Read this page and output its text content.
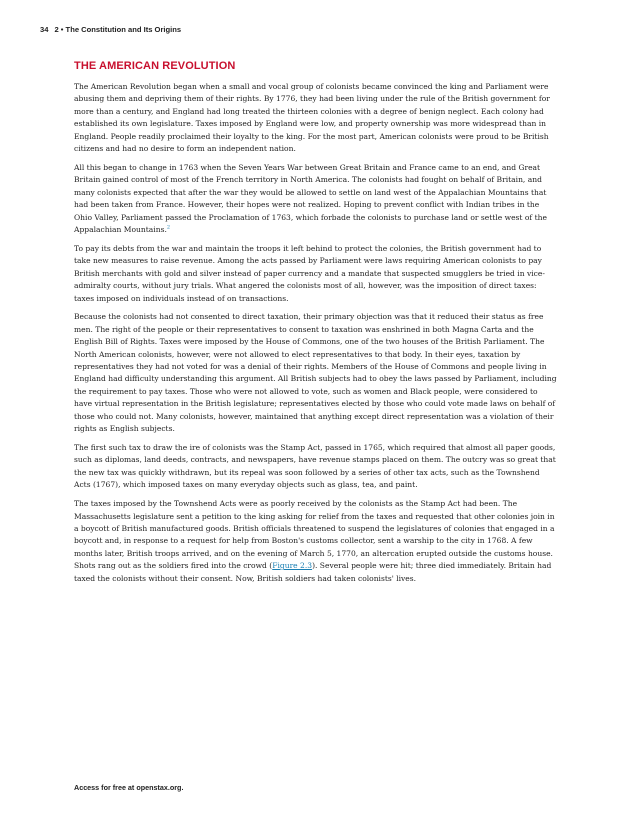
34 2 • The Constitution and Its Origins
THE AMERICAN REVOLUTION

The American Revolution began when a small and vocal group of colonists became convinced the king and Parliament were abusing them and depriving them of their rights. By 1776, they had been living under the rule of the British government for more than a century, and England had long treated the thirteen colonies with a degree of benign neglect. Each colony had established its own legislature. Taxes imposed by England were low, and property ownership was more widespread than in England. People readily proclaimed their loyalty to the king. For the most part, American colonists were proud to be British citizens and had no desire to form an independent nation.

All this began to change in 1763 when the Seven Years War between Great Britain and France came to an end, and Great Britain gained control of most of the French territory in North America. The colonists had fought on behalf of Britain, and many colonists expected that after the war they would be allowed to settle on land west of the Appalachian Mountains that had been taken from France. However, their hopes were not realized. Hoping to prevent conflict with Indian tribes in the Ohio Valley, Parliament passed the Proclamation of 1763, which forbade the colonists to purchase land or settle west of the Appalachian Mountains.$^2$

To pay its debts from the war and maintain the troops it left behind to protect the colonies, the British government had to take new measures to raise revenue. Among the acts passed by Parliament were laws requiring American colonists to pay British merchants with gold and silver instead of paper currency and a mandate that suspected smugglers be tried in vice-admiralty courts, without jury trials. What angered the colonists most of all, however, was the imposition of direct taxes: taxes imposed on individuals instead of on transactions.

Because the colonists had not consented to direct taxation, their primary objection was that it reduced their status as free men. The right of the people or their representatives to consent to taxation was enshrined in both Magna Carta and the English Bill of Rights. Taxes were imposed by the House of Commons, one of the two houses of the British Parliament. The North American colonists, however, were not allowed to elect representatives to that body. In their eyes, taxation by representatives they had not voted for was a denial of their rights. Members of the House of Commons and people living in England had difficulty understanding this argument. All British subjects had to obey the laws passed by Parliament, including the requirement to pay taxes. Those who were not allowed to vote, such as women and Black people, were considered to have virtual representation in the British legislature; representatives elected by those who could vote made laws on behalf of those who could not. Many colonists, however, maintained that anything except direct representation was a violation of their rights as English subjects.

The first such tax to draw the ire of colonists was the Stamp Act, passed in 1765, which required that almost all paper goods, such as diplomas, land deeds, contracts, and newspapers, have revenue stamps placed on them. The outcry was so great that the new tax was quickly withdrawn, but its repeal was soon followed by a series of other tax acts, such as the Townshend Acts (1767), which imposed taxes on many everyday objects such as glass, tea, and paint.

The taxes imposed by the Townshend Acts were as poorly received by the colonists as the Stamp Act had been. The Massachusetts legislature sent a petition to the king asking for relief from the taxes and requested that other colonies join in a boycott of British manufactured goods. British officials threatened to suspend the legislatures of colonies that engaged in a boycott and, in response to a request for help from Boston's customs collector, sent a warship to the city in 1768. A few months later, British troops arrived, and on the evening of March 5, 1770, an altercation erupted outside the customs house. Shots rang out as the soldiers fired into the crowd (Figure 2.3). Several people were hit; three died immediately. Britain had taxed the colonists without their consent. Now, British soldiers had taken colonists' lives.

Access for free at openstax.org.
